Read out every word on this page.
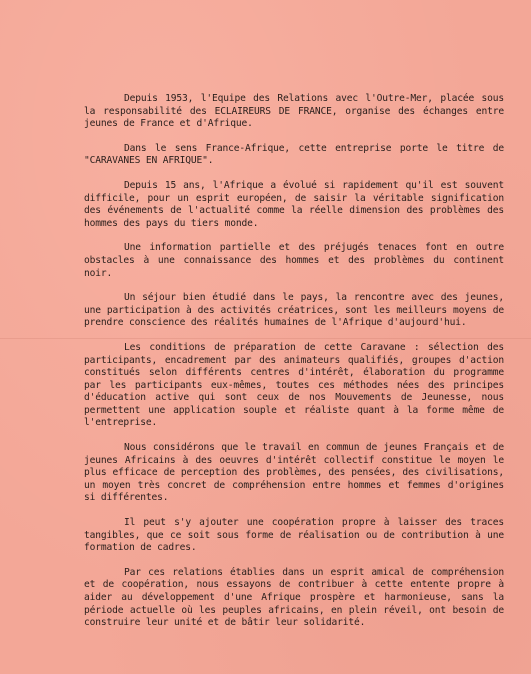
Depuis 1953, l'Equipe des Relations avec l'Outre-Mer, placée sous la responsabilité des ECLAIREURS DE FRANCE, organise des échanges entre jeunes de France et d'Afrique.

Dans le sens France-Afrique, cette entreprise porte le titre de "CARAVANES EN AFRIQUE".

Depuis 15 ans, l'Afrique a évolué si rapidement qu'il est souvent difficile, pour un esprit européen, de saisir la véritable signification des événements de l'actualité comme la réelle dimension des problèmes des hommes des pays du tiers monde.

Une information partielle et des préjugés tenaces font en outre obstacles à une connaissance des hommes et des problèmes du continent noir.

Un séjour bien étudié dans le pays, la rencontre avec des jeunes, une participation à des activités créatrices, sont les meilleurs moyens de prendre conscience des réalités humaines de l'Afrique d'aujourd'hui.

Les conditions de préparation de cette Caravane : sélection des participants, encadrement par des animateurs qualifiés, groupes d'action constitués selon différents centres d'intérêt, élaboration du programme par les participants eux-mêmes, toutes ces méthodes nées des principes d'éducation active qui sont ceux de nos Mouvements de Jeunesse, nous permettent une application souple et réaliste quant à la forme même de l'entreprise.

Nous considérons que le travail en commun de jeunes Français et de jeunes Africains à des oeuvres d'intérêt collectif constitue le moyen le plus efficace de perception des problèmes, des pensées, des civilisations, un moyen très concret de compréhension entre hommes et femmes d'origines si différentes.

Il peut s'y ajouter une coopération propre à laisser des traces tangibles, que ce soit sous forme de réalisation ou de contribution à une formation de cadres.

Par ces relations établies dans un esprit amical de compréhension et de coopération, nous essayons de contribuer à cette entente propre à aider au développement d'une Afrique prospère et harmonieuse, sans la période actuelle où les peuples africains, en plein réveil, ont besoin de construire leur unité et de bâtir leur solidarité.
